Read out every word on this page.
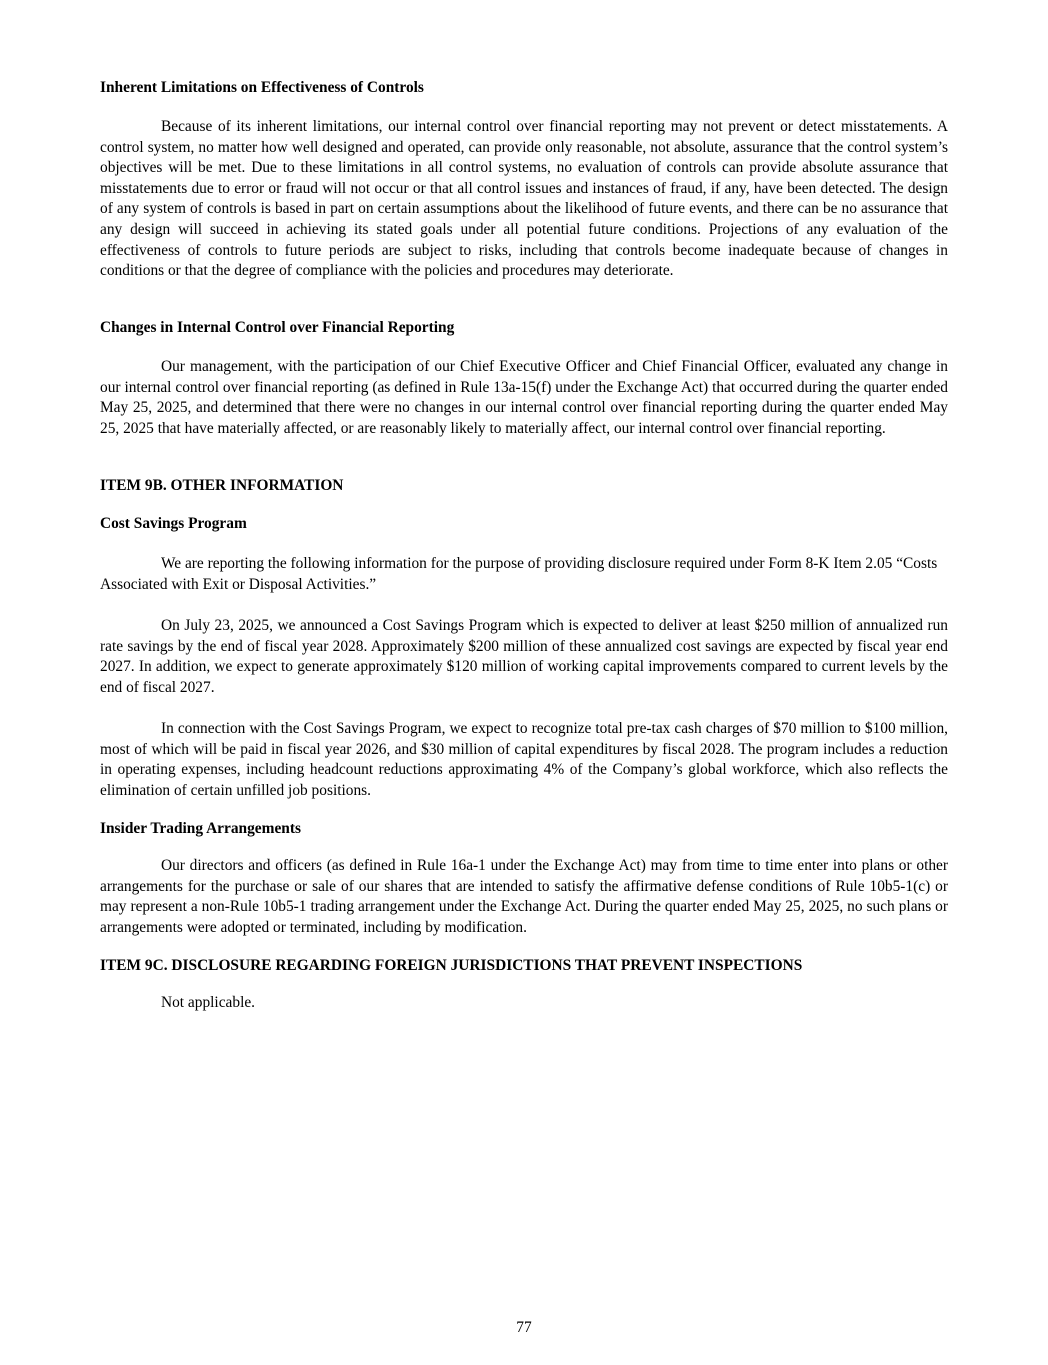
Inherent Limitations on Effectiveness of Controls

Because of its inherent limitations, our internal control over financial reporting may not prevent or detect misstatements. A control system, no matter how well designed and operated, can provide only reasonable, not absolute, assurance that the control system’s objectives will be met. Due to these limitations in all control systems, no evaluation of controls can provide absolute assurance that misstatements due to error or fraud will not occur or that all control issues and instances of fraud, if any, have been detected. The design of any system of controls is based in part on certain assumptions about the likelihood of future events, and there can be no assurance that any design will succeed in achieving its stated goals under all potential future conditions. Projections of any evaluation of the effectiveness of controls to future periods are subject to risks, including that controls become inadequate because of changes in conditions or that the degree of compliance with the policies and procedures may deteriorate.

Changes in Internal Control over Financial Reporting

Our management, with the participation of our Chief Executive Officer and Chief Financial Officer, evaluated any change in our internal control over financial reporting (as defined in Rule 13a-15(f) under the Exchange Act) that occurred during the quarter ended May 25, 2025, and determined that there were no changes in our internal control over financial reporting during the quarter ended May 25, 2025 that have materially affected, or are reasonably likely to materially affect, our internal control over financial reporting.

ITEM 9B. OTHER INFORMATION
Cost Savings Program

We are reporting the following information for the purpose of providing disclosure required under Form 8-K Item 2.05 “Costs Associated with Exit or Disposal Activities.”

On July 23, 2025, we announced a Cost Savings Program which is expected to deliver at least $250 million of annualized run rate savings by the end of fiscal year 2028. Approximately $200 million of these annualized cost savings are expected by fiscal year end 2027. In addition, we expect to generate approximately $120 million of working capital improvements compared to current levels by the end of fiscal 2027.

In connection with the Cost Savings Program, we expect to recognize total pre-tax cash charges of $70 million to $100 million, most of which will be paid in fiscal year 2026, and $30 million of capital expenditures by fiscal 2028. The program includes a reduction in operating expenses, including headcount reductions approximating 4% of the Company’s global workforce, which also reflects the elimination of certain unfilled job positions.

Insider Trading Arrangements

Our directors and officers (as defined in Rule 16a-1 under the Exchange Act) may from time to time enter into plans or other arrangements for the purchase or sale of our shares that are intended to satisfy the affirmative defense conditions of Rule 10b5-1(c) or may represent a non-Rule 10b5-1 trading arrangement under the Exchange Act. During the quarter ended May 25, 2025, no such plans or arrangements were adopted or terminated, including by modification.

ITEM 9C. DISCLOSURE REGARDING FOREIGN JURISDICTIONS THAT PREVENT INSPECTIONS

Not applicable.

77
